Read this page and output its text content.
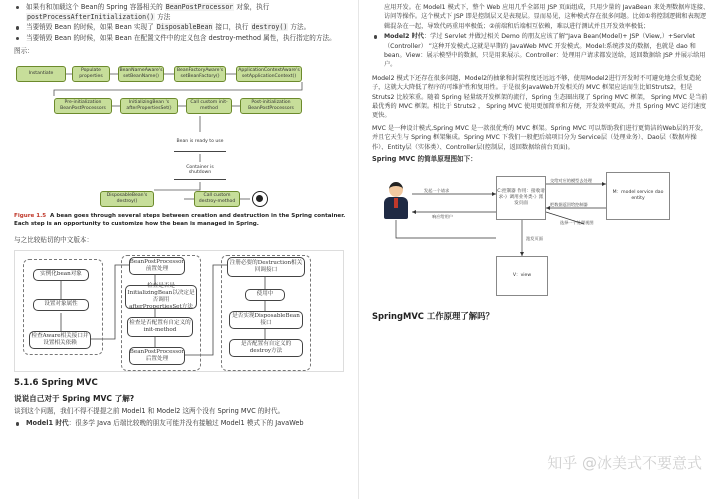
如果有和加载这个 Bean的 Spring 容器相关的 BeanPostProcessor 对象，执行
postProcessAfterInitialization() 方法
当要销毁 Bean 的时候，如果 Bean 实现了 DisposableBean 接口，执行 destroy() 方法。
当要销毁 Bean 的时候，如果 Bean 在配置文件中的定义包含 destroy-method 属性，执行指定的方法。
图示：
Instantiate
Populate properties
BeanNameAware's setBeanName()
BeanFactoryAware's setBeanFactory()
ApplicationContextAware's setApplicationContext()
Pre-initialization BeanPostProcessors
InitializingBean 's afterPropertiesSet()
Call custom init-method
Post-initialization BeanPostProcessors
Bean is ready to use
Container is shutdown
DisposableBean's destroy()
Call custom destroy-method
Figure 1.5 A bean goes through several steps between creation and destruction in the Spring container. Each step is an opportunity to customize how the bean is managed in Spring.
与之比较贴切的中文版本：
实例化bean对象
设置对象属性
检查Aware相关接口并设置相关依赖
BeanPostProcessor 前置处理
检查是否是InitializingBean以决定是否调用afterPropertiesSet方法
检查是否配置有自定义的init-method
BeanPostProcessor 后置处理
注册必要的Destruction相关回调接口
使用中
是否实现DisposableBean接口
是否配置有自定义的destroy方法
5.1.6 Spring MVC
说说自己对于 Spring MVC 了解?
谈到这个问题，我们不得不提提之前 Model1 和 Model2 这两个没有 Spring MVC 的时代。
Model1 时代：很多学 Java 后端比较晚的朋友可能并没有接触过 Model1 模式下的 JavaWeb
应用开发。在 Model1 模式下，整个 Web 应用几乎全部用 JSP 页面组成，只用少量的 JavaBean 来处理数据库连接、访问等操作。这个模式下 JSP 即是控制层又是表现层。显而易见，这种模式存在很多问题。比如①将控制逻辑和表现逻辑混杂在一起，导致代码重用率极低；②前端和后端相互依赖，难以进行测试并且开发效率极低；
Model2 时代：学过 Servlet 并做过相关 Demo 的朋友应该了解“Java Bean(Model)+ JSP（View,）+Servlet（Controller） ”这种开发模式,这就是早期的 JavaWeb MVC 开发模式。Model:系统涉及的数据，也就是 dao 和 bean。View：展示模型中的数据，只是用来展示。Controller：处理用户请求都发送给，返回数据给 JSP 并展示给用户。
Model2 模式下还存在很多问题，Model2的抽象和封装程度还远远不够，使用Model2进行开发时不可避免地会重复造轮子，这就大大降低了程序的可维护性和复用性。于是很多JavaWeb开发相关的 MVC 框架应运而生比如Struts2，但是 Struts2 比较笨重。随着 Spring 轻量级开发框架的流行，Spring 生态圈出现了 Spring MVC 框架， Spring MVC 是当前最优秀的 MVC 框架。相比于 Struts2 ， Spring MVC 使用更加简单和方便，开发效率更高，并且 Spring MVC 运行速度更快。
MVC 是一种设计模式,Spring MVC 是一款很优秀的 MVC 框架。Spring MVC 可以帮助我们进行更简洁的Web层的开发，并且它天生与 Spring 框架集成。Spring MVC 下我们一般把后端项目分为 Service层（处理业务）、Dao层（数据库操作）、Entity层（实体类）、Controller层(控制层，返回数据给前台页面)。
Spring MVC 的简单原理图如下：
C:控制器 作用：接收请求-》调用业务类-》派发页面
M：model service dao entity
V：view
发起一个请求
响应给用户
交给对应的模型去处理
把数据返回给控制器
派发页面
选择一个处理视图
SpringMVC 工作原理了解吗？
知乎 @冰美式不要意式
